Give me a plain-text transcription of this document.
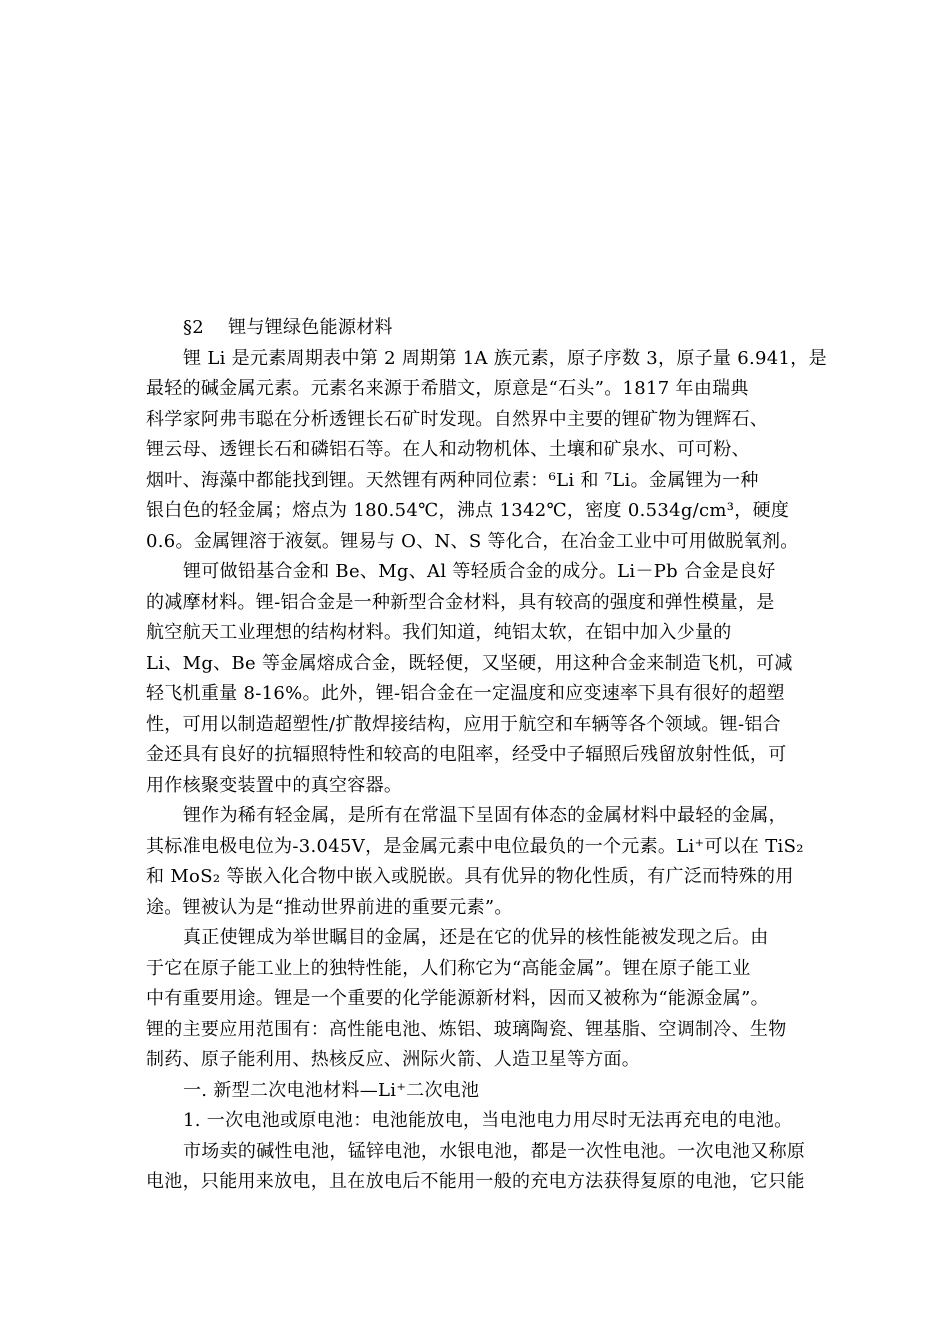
§2 锂与锂绿色能源材料
锂 Li 是元素周期表中第 2 周期第 1A 族元素，原子序数 3，原子量 6.941，是
最轻的碱金属元素。元素名来源于希腊文，原意是“石头”。1817 年由瑞典
科学家阿弗韦聪在分析透锂长石矿时发现。自然界中主要的锂矿物为锂辉石、
锂云母、透锂长石和磷铝石等。在人和动物机体、土壤和矿泉水、可可粉、
烟叶、海藻中都能找到锂。天然锂有两种同位素：⁶Li 和 ⁷Li。金属锂为一种
银白色的轻金属；熔点为 180.54℃，沸点 1342℃，密度 0.534g/cm³，硬度
0.6。金属锂溶于液氨。锂易与 O、N、S 等化合，在冶金工业中可用做脱氧剂。
锂可做铅基合金和 Be、Mg、Al 等轻质合金的成分。Li－Pb 合金是良好
的减摩材料。锂-铝合金是一种新型合金材料，具有较高的强度和弹性模量，是
航空航天工业理想的结构材料。我们知道，纯铝太软，在铝中加入少量的
Li、Mg、Be 等金属熔成合金，既轻便，又坚硬，用这种合金来制造飞机，可减
轻飞机重量 8-16%。此外，锂-铝合金在一定温度和应变速率下具有很好的超塑
性，可用以制造超塑性/扩散焊接结构，应用于航空和车辆等各个领域。锂-铝合
金还具有良好的抗辐照特性和较高的电阻率，经受中子辐照后残留放射性低，可
用作核聚变装置中的真空容器。
锂作为稀有轻金属，是所有在常温下呈固有体态的金属材料中最轻的金属，
其标准电极电位为-3.045V，是金属元素中电位最负的一个元素。Li⁺可以在 TiS₂
和 MoS₂ 等嵌入化合物中嵌入或脱嵌。具有优异的物化性质，有广泛而特殊的用
途。锂被认为是“推动世界前进的重要元素”。
真正使锂成为举世瞩目的金属，还是在它的优异的核性能被发现之后。由
于它在原子能工业上的独特性能，人们称它为“高能金属”。锂在原子能工业
中有重要用途。锂是一个重要的化学能源新材料，因而又被称为“能源金属”。
锂的主要应用范围有：高性能电池、炼铝、玻璃陶瓷、锂基脂、空调制冷、生物
制药、原子能利用、热核反应、洲际火箭、人造卫星等方面。
一. 新型二次电池材料—Li⁺二次电池
1. 一次电池或原电池：电池能放电，当电池电力用尽时无法再充电的电池。
市场卖的碱性电池，锰锌电池，水银电池，都是一次性电池。一次电池又称原
电池，只能用来放电，且在放电后不能用一般的充电方法获得复原的电池，它只能
